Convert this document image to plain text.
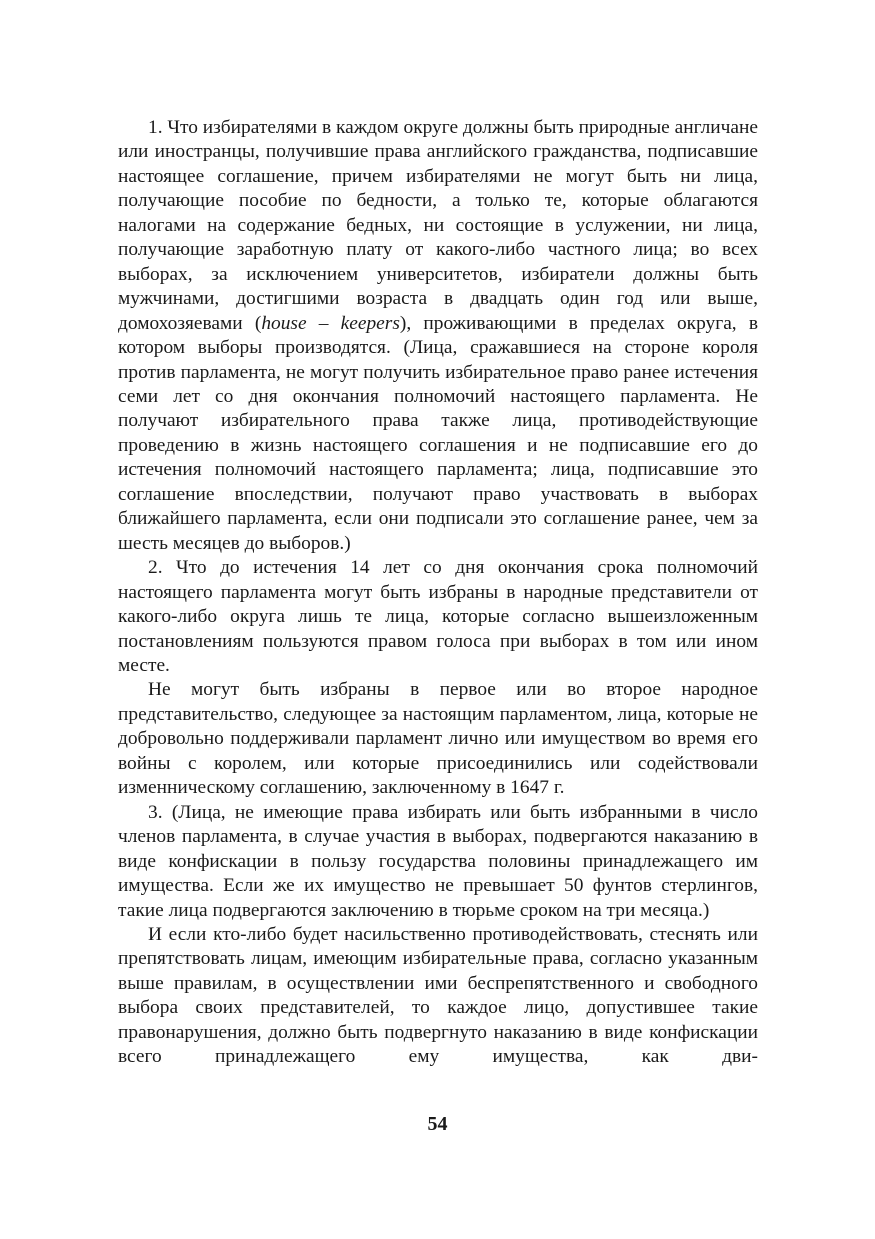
1. Что избирателями в каждом округе должны быть природные англичане или иностранцы, получившие права английского гражданства, подписавшие настоящее соглашение, причем избирателями не могут быть ни лица, получающие пособие по бедности, а только те, которые облагаются налогами на содержание бедных, ни состоящие в услужении, ни лица, получающие заработную плату от какого-либо частного лица; во всех выборах, за исключением университетов, избиратели должны быть мужчинами, достигшими возраста в двадцать один год или выше, домохозяевами (house – keepers), проживающими в пределах округа, в котором выборы производятся. (Лица, сражавшиеся на стороне короля против парламента, не могут получить избирательное право ранее истечения семи лет со дня окончания полномочий настоящего парламента. Не получают избирательного права также лица, противодействующие проведению в жизнь настоящего соглашения и не подписавшие его до истечения полномочий настоящего парламента; лица, подписавшие это соглашение впоследствии, получают право участвовать в выборах ближайшего парламента, если они подписали это соглашение ранее, чем за шесть месяцев до выборов.)

2. Что до истечения 14 лет со дня окончания срока полномочий настоящего парламента могут быть избраны в народные представители от какого-либо округа лишь те лица, которые согласно вышеизложенным постановлениям пользуются правом голоса при выборах в том или ином месте.

Не могут быть избраны в первое или во второе народное представительство, следующее за настоящим парламентом, лица, которые не добровольно поддерживали парламент лично или имуществом во время его войны с королем, или которые присоединились или содействовали изменническому соглашению, заключенному в 1647 г.

3. (Лица, не имеющие права избирать или быть избранными в число членов парламента, в случае участия в выборах, подвергаются наказанию в виде конфискации в пользу государства половины принадлежащего им имущества. Если же их имущество не превышает 50 фунтов стерлингов, такие лица подвергаются заключению в тюрьме сроком на три месяца.)

И если кто-либо будет насильственно противодействовать, стеснять или препятствовать лицам, имеющим избирательные права, согласно указанным выше правилам, в осуществлении ими беспрепятственного и свободного выбора своих представителей, то каждое лицо, допустившее такие правонарушения, должно быть подвергнуто наказанию в виде конфискации всего принадлежащего ему имущества, как дви-

54
